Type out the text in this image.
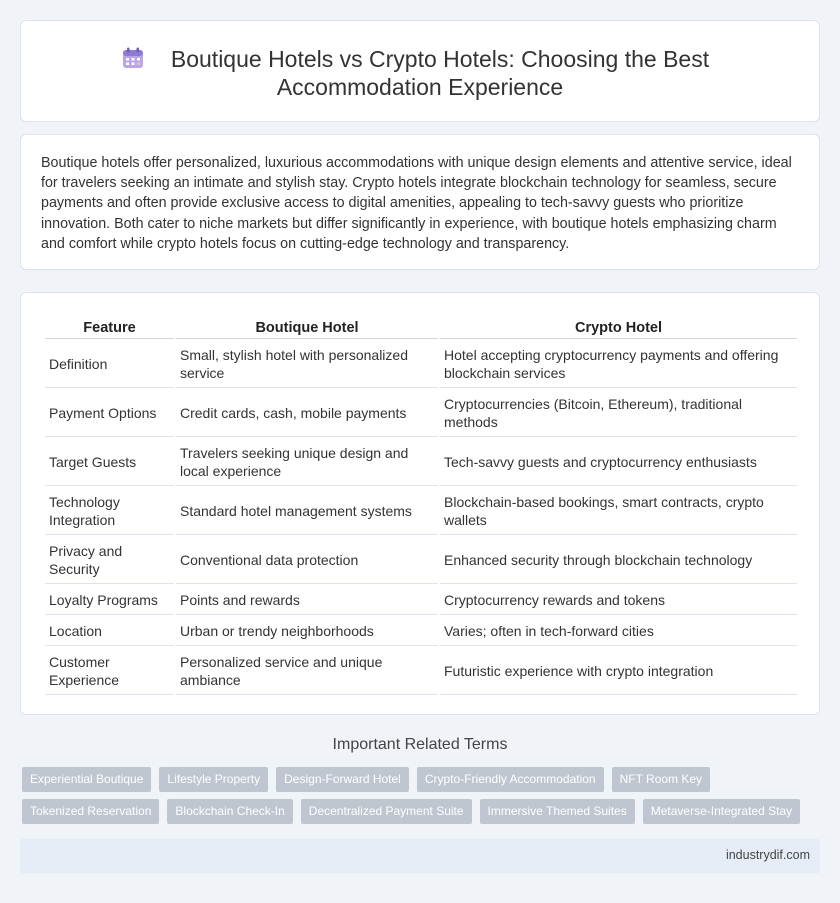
Boutique Hotels vs Crypto Hotels: Choosing the Best
Accommodation Experience

Boutique hotels offer personalized, luxurious accommodations with unique design elements and attentive service, ideal for travelers seeking an intimate and stylish stay. Crypto hotels integrate blockchain technology for seamless, secure payments and often provide exclusive access to digital amenities, appealing to tech-savvy guests who prioritize innovation. Both cater to niche markets but differ significantly in experience, with boutique hotels emphasizing charm and comfort while crypto hotels focus on cutting-edge technology and transparency.

Feature	Boutique Hotel	Crypto Hotel
Definition	Small, stylish hotel with personalized service	Hotel accepting cryptocurrency payments and offering blockchain services
Payment Options	Credit cards, cash, mobile payments	Cryptocurrencies (Bitcoin, Ethereum), traditional methods
Target Guests	Travelers seeking unique design and local experience	Tech-savvy guests and cryptocurrency enthusiasts
Technology Integration	Standard hotel management systems	Blockchain-based bookings, smart contracts, crypto wallets
Privacy and Security	Conventional data protection	Enhanced security through blockchain technology
Loyalty Programs	Points and rewards	Cryptocurrency rewards and tokens
Location	Urban or trendy neighborhoods	Varies; often in tech-forward cities
Customer Experience	Personalized service and unique ambiance	Futuristic experience with crypto integration
Important Related Terms
Experiential Boutique	Lifestyle Property	Design-Forward Hotel	Crypto-Friendly Accommodation	NFT Room Key
Tokenized Reservation	Blockchain Check-In	Decentralized Payment Suite	Immersive Themed Suites	Metaverse-Integrated Stay
industrydif.com
